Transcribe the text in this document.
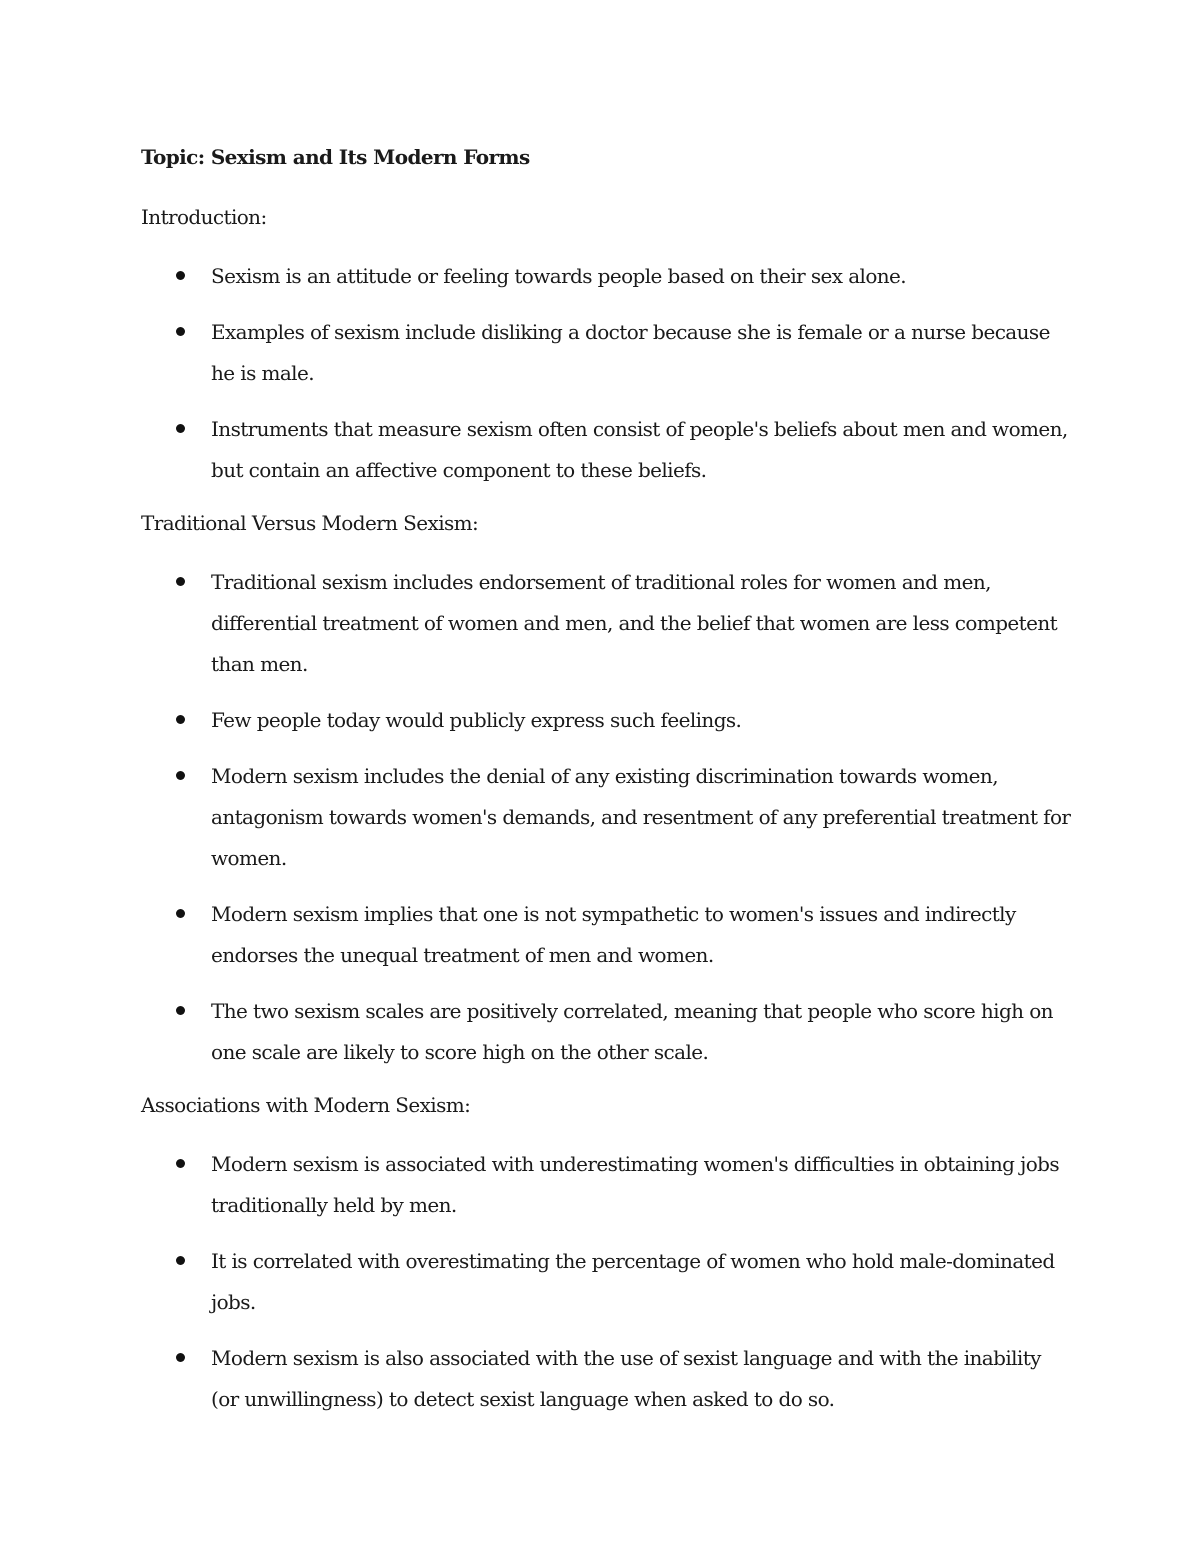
Topic: Sexism and Its Modern Forms
Introduction:
Sexism is an attitude or feeling towards people based on their sex alone.
Examples of sexism include disliking a doctor because she is female or a nurse because he is male.
Instruments that measure sexism often consist of people's beliefs about men and women, but contain an affective component to these beliefs.
Traditional Versus Modern Sexism:
Traditional sexism includes endorsement of traditional roles for women and men, differential treatment of women and men, and the belief that women are less competent than men.
Few people today would publicly express such feelings.
Modern sexism includes the denial of any existing discrimination towards women, antagonism towards women's demands, and resentment of any preferential treatment for women.
Modern sexism implies that one is not sympathetic to women's issues and indirectly endorses the unequal treatment of men and women.
The two sexism scales are positively correlated, meaning that people who score high on one scale are likely to score high on the other scale.
Associations with Modern Sexism:
Modern sexism is associated with underestimating women's difficulties in obtaining jobs traditionally held by men.
It is correlated with overestimating the percentage of women who hold male-dominated jobs.
Modern sexism is also associated with the use of sexist language and with the inability (or unwillingness) to detect sexist language when asked to do so.
